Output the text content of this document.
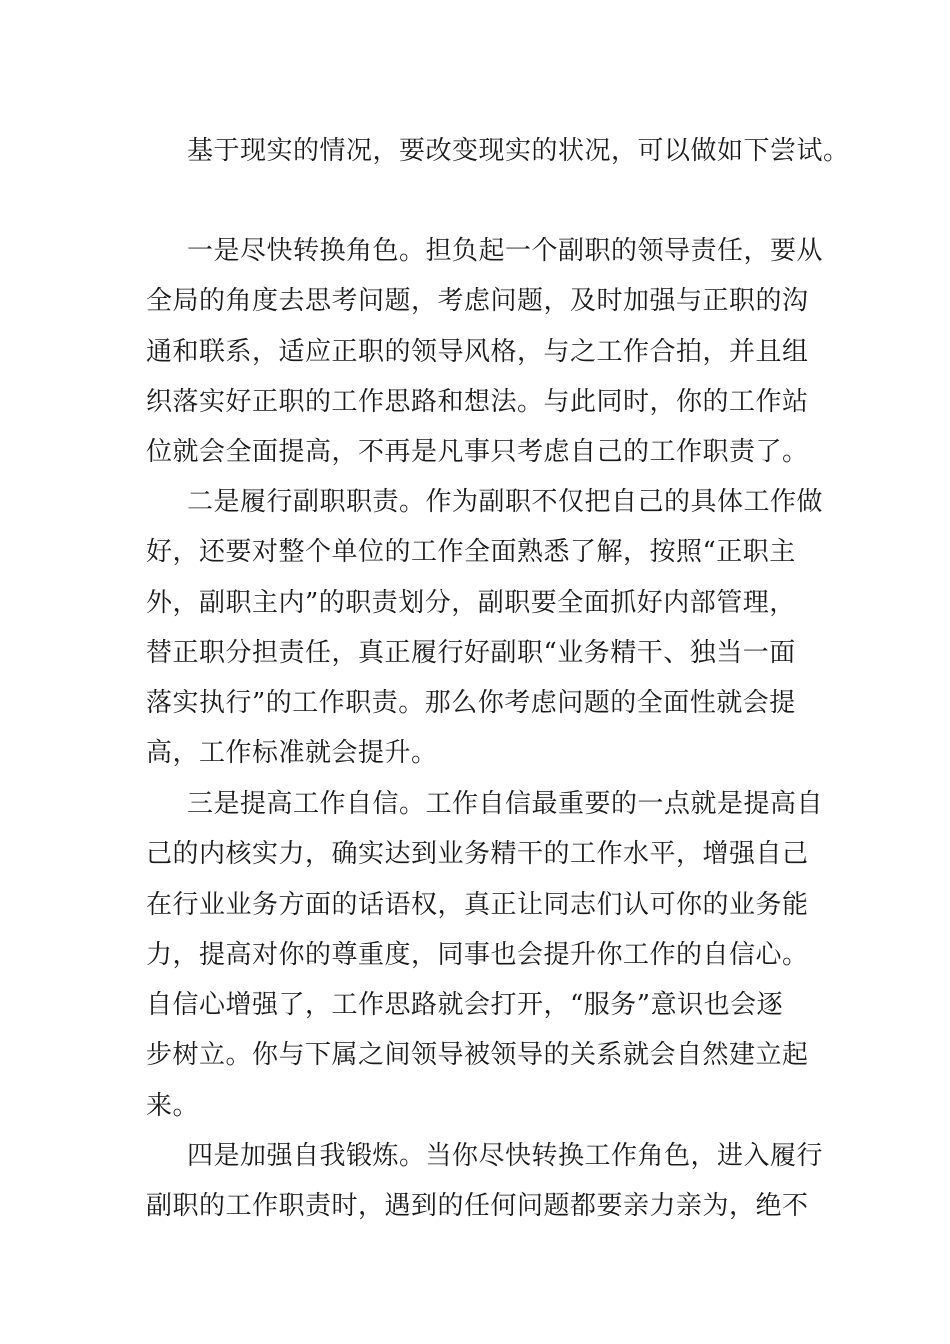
基于现实的情况，要改变现实的状况，可以做如下尝试。

一是尽快转换角色。担负起一个副职的领导责任，要从
全局的角度去思考问题，考虑问题，及时加强与正职的沟
通和联系，适应正职的领导风格，与之工作合拍，并且组
织落实好正职的工作思路和想法。与此同时，你的工作站
位就会全面提高，不再是凡事只考虑自己的工作职责了。

二是履行副职职责。作为副职不仅把自己的具体工作做
好，还要对整个单位的工作全面熟悉了解，按照“正职主
外，副职主内”的职责划分，副职要全面抓好内部管理，
替正职分担责任，真正履行好副职“业务精干、独当一面
落实执行”的工作职责。那么你考虑问题的全面性就会提
高，工作标准就会提升。

三是提高工作自信。工作自信最重要的一点就是提高自
己的内核实力，确实达到业务精干的工作水平，增强自己
在行业业务方面的话语权，真正让同志们认可你的业务能
力，提高对你的尊重度，同事也会提升你工作的自信心。
自信心增强了，工作思路就会打开，“服务”意识也会逐
步树立。你与下属之间领导被领导的关系就会自然建立起
来。

四是加强自我锻炼。当你尽快转换工作角色，进入履行
副职的工作职责时，遇到的任何问题都要亲力亲为，绝不
